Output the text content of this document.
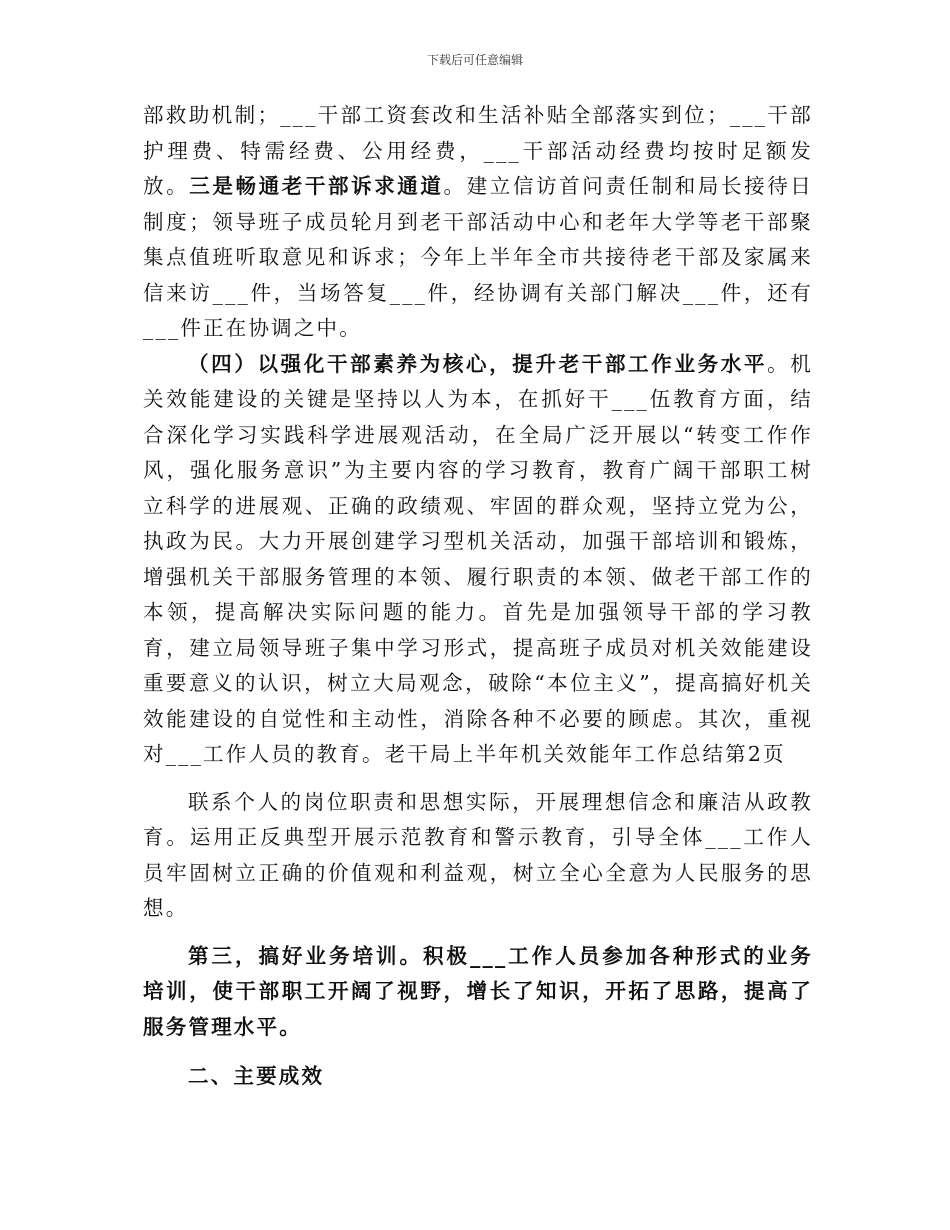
下载后可任意编辑

部救助机制；___干部工资套改和生活补贴全部落实到位；___干部护理费、特需经费、公用经费，___干部活动经费均按时足额发放。三是畅通老干部诉求通道。建立信访首问责任制和局长接待日制度；领导班子成员轮月到老干部活动中心和老年大学等老干部聚集点值班听取意见和诉求；今年上半年全市共接待老干部及家属来信来访___件，当场答复___件，经协调有关部门解决___件，还有___件正在协调之中。

（四）以强化干部素养为核心，提升老干部工作业务水平。机关效能建设的关键是坚持以人为本，在抓好干___伍教育方面，结合深化学习实践科学进展观活动，在全局广泛开展以“转变工作作风，强化服务意识”为主要内容的学习教育，教育广阔干部职工树立科学的进展观、正确的政绩观、牢固的群众观，坚持立党为公，执政为民。大力开展创建学习型机关活动，加强干部培训和锻炼，增强机关干部服务管理的本领、履行职责的本领、做老干部工作的本领，提高解决实际问题的能力。首先是加强领导干部的学习教育，建立局领导班子集中学习形式，提高班子成员对机关效能建设重要意义的认识，树立大局观念，破除“本位主义”，提高搞好机关效能建设的自觉性和主动性，消除各种不必要的顾虑。其次，重视对___工作人员的教育。老干局上半年机关效能年工作总结第2页

联系个人的岗位职责和思想实际，开展理想信念和廉洁从政教育。运用正反典型开展示范教育和警示教育，引导全体___工作人员牢固树立正确的价值观和利益观，树立全心全意为人民服务的思想。

第三，搞好业务培训。积极___工作人员参加各种形式的业务培训，使干部职工开阔了视野，增长了知识，开拓了思路，提高了服务管理水平。

二、主要成效
